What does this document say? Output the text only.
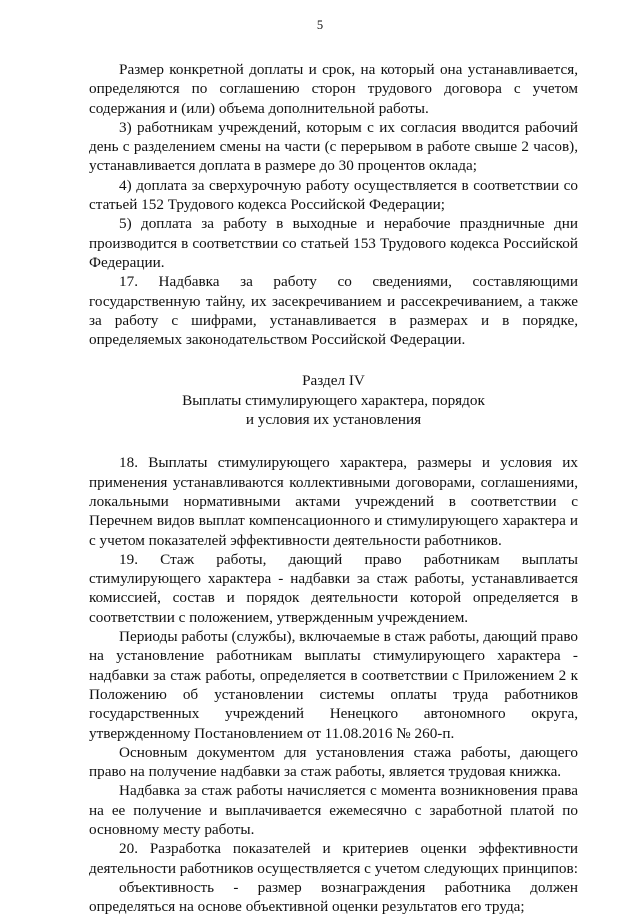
5

Размер конкретной доплаты и срок, на который она устанавливается, определяются по соглашению сторон трудового договора с учетом содержания и (или) объема дополнительной работы.

3) работникам учреждений, которым с их согласия вводится рабочий день с разделением смены на части (с перерывом в работе свыше 2 часов), устанавливается доплата в размере до 30 процентов оклада;

4) доплата за сверхурочную работу осуществляется в соответствии со статьей 152 Трудового кодекса Российской Федерации;

5) доплата за работу в выходные и нерабочие праздничные дни производится в соответствии со статьей 153 Трудового кодекса Российской Федерации.

17. Надбавка за работу со сведениями, составляющими государственную тайну, их засекречиванием и рассекречиванием, а также за работу с шифрами, устанавливается в размерах и в порядке, определяемых законодательством Российской Федерации.

Раздел IV

Выплаты стимулирующего характера, порядок

и условия их установления

18. Выплаты стимулирующего характера, размеры и условия их применения устанавливаются коллективными договорами, соглашениями, локальными нормативными актами учреждений в соответствии с Перечнем видов выплат компенсационного и стимулирующего характера и с учетом показателей эффективности деятельности работников.

19. Стаж работы, дающий право работникам выплаты стимулирующего характера - надбавки за стаж работы, устанавливается комиссией, состав и порядок деятельности которой определяется в соответствии с положением, утвержденным учреждением.

Периоды работы (службы), включаемые в стаж работы, дающий право на установление работникам выплаты стимулирующего характера - надбавки за стаж работы, определяется в соответствии с Приложением 2 к Положению об установлении системы оплаты труда работников государственных учреждений Ненецкого автономного округа, утвержденному Постановлением от 11.08.2016 № 260-п.

Основным документом для установления стажа работы, дающего право на получение надбавки за стаж работы, является трудовая книжка.

Надбавка за стаж работы начисляется с момента возникновения права на ее получение и выплачивается ежемесячно с заработной платой по основному месту работы.

20. Разработка показателей и критериев оценки эффективности деятельности работников осуществляется с учетом следующих принципов:

объективность - размер вознаграждения работника должен определяться на основе объективной оценки результатов его труда;
